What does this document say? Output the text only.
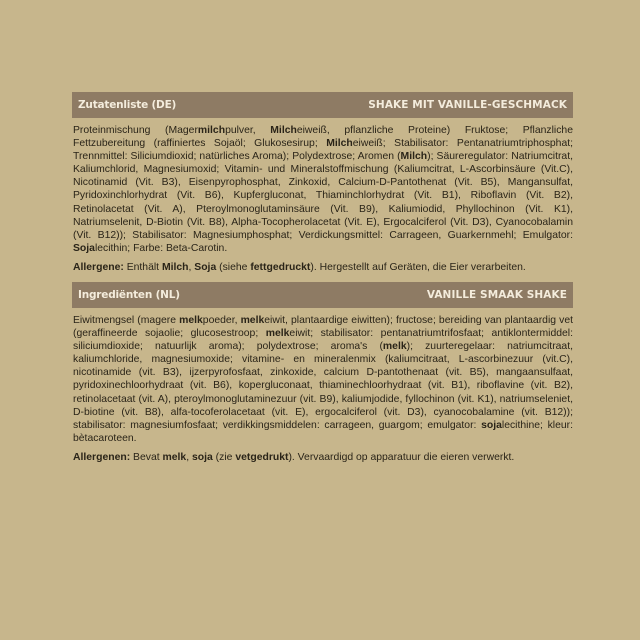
Zutatenliste (DE)	SHAKE MIT VANILLE-GESCHMACK

Proteinmischung (Magermilchpulver, Milcheiweiß, pflanzliche Proteine) Fruktose; Pflanzliche Fettzubereitung (raffiniertes Sojaöl; Glukosesirup; Milcheiweiß; Stabilisator: Pentanatriumtriphosphat; Trennmittel: Siliciumdioxid; natürliches Aroma); Polydextrose; Aromen (Milch); Säureregulator: Natriumcitrat, Kaliumchlorid, Magnesiumoxid; Vitamin- und Mineralstoffmischung (Kaliumcitrat, L-Ascorbinsäure (Vit.C), Nicotinamid (Vit. B3), Eisenpyrophosphat, Zinkoxid, Calcium-D-Pantothenat (Vit. B5), Mangansulfat, Pyridoxinchlorhydrat (Vit. B6), Kupfergluconat, Thiaminchlorhydrat (Vit. B1), Riboflavin (Vit. B2), Retinolacetat (Vit. A), Pteroylmonoglutaminsäure (Vit. B9), Kaliumiodid, Phyllochinon (Vit. K1), Natriumselenit, D-Biotin (Vit. B8), Alpha-Tocopherolacetat (Vit. E), Ergocalciferol (Vit. D3), Cyanocobalamin (Vit. B12)); Stabilisator: Magnesiumphosphat; Verdickungsmittel: Carrageen, Guarkernmehl; Emulgator: Sojalecithin; Farbe: Beta-Carotin.

Allergene: Enthält Milch, Soja (siehe fettgedruckt). Hergestellt auf Geräten, die Eier verarbeiten.

Ingrediënten (NL)	VANILLE SMAAK SHAKE

Eiwitmengsel (magere melkpoeder, melkeiwit, plantaardige eiwitten); fructose; bereiding van plantaardig vet (geraffineerde sojaolie; glucosestroop; melkeiwit; stabilisator: pentanatriumtrifosfaat; antiklontermiddel: siliciumdioxide; natuurlijk aroma); polydextrose; aroma's (melk); zuurteregelaar: natriumcitraat, kaliumchloride, magnesiumoxide; vitamine- en mineralenmix (kaliumcitraat, L-ascorbinezuur (vit.C), nicotinamide (vit. B3), ijzerpyrofosfaat, zinkoxide, calcium D-pantothenaat (vit. B5), mangaansulfaat, pyridoxinechloorhydraat (vit. B6), kopergluconaat, thiaminechloorhydraat (vit. B1), riboflavine (vit. B2), retinolacetaat (vit. A), pteroylmonoglutaminezuur (vit. B9), kaliumjodide, fyllochinon (vit. K1), natriumseleniet, D-biotine (vit. B8), alfa-tocoferolacetaat (vit. E), ergocalciferol (vit. D3), cyanocobalamine (vit. B12)); stabilisator: magnesiumfosfaat; verdikkingsmiddelen: carrageen, guargom; emulgator: sojalecithine; kleur: bètacaroteen.

Allergenen: Bevat melk, soja (zie vetgedrukt). Vervaardigd op apparatuur die eieren verwerkt.
